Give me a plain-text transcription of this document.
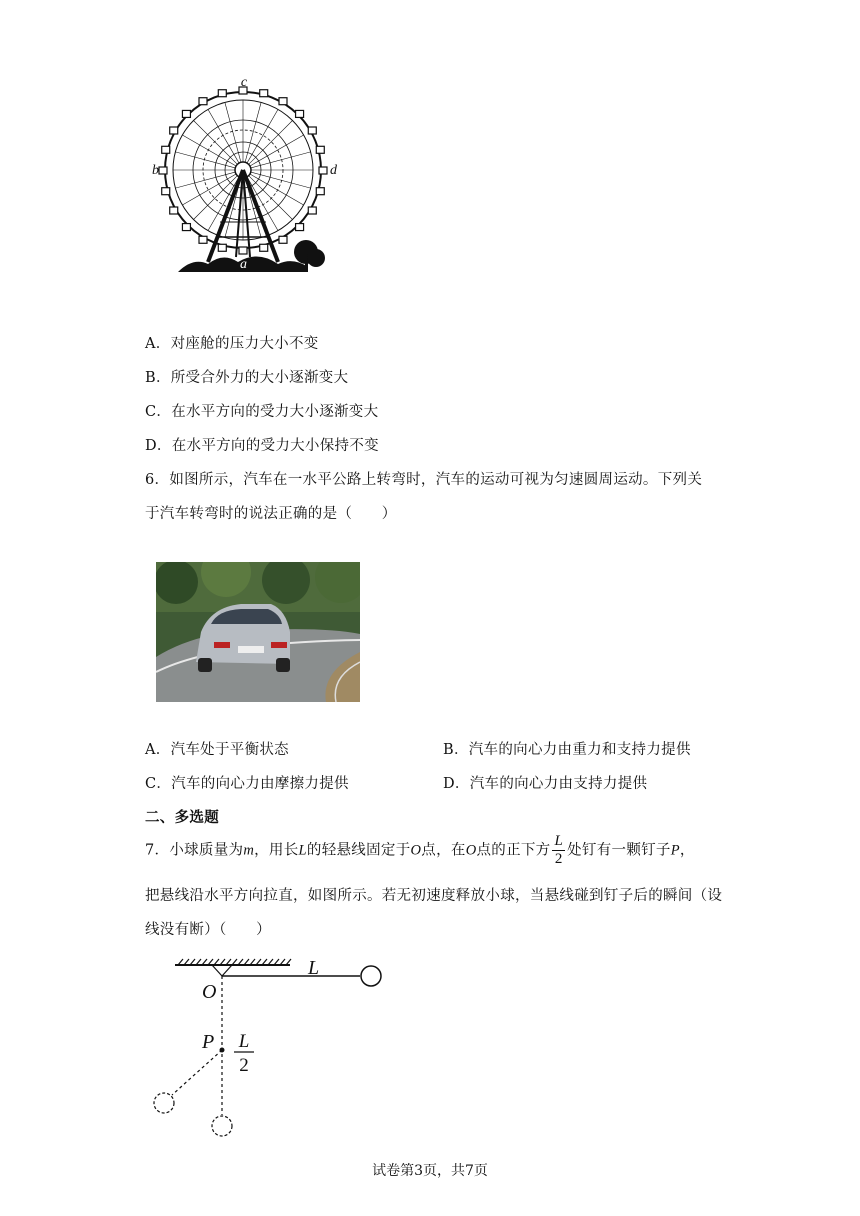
c
b	d
a
A．对座舱的压力大小不变
B．所受合外力的大小逐渐变大
C．在水平方向的受力大小逐渐变大
D．在水平方向的受力大小保持不变
6．如图所示，汽车在一水平公路上转弯时，汽车的运动可视为匀速圆周运动。下列关
于汽车转弯时的说法正确的是（　　）
A．汽车处于平衡状态	B．汽车的向心力由重力和支持力提供
C．汽车的向心力由摩擦力提供	D．汽车的向心力由支持力提供
二、多选题
7．小球质量为m，用长L的轻悬线固定于O点，在O点的正下方 $\frac{L}{2}$ 处钉有一颗钉子P，
把悬线沿水平方向拉直，如图所示。若无初速度释放小球，当悬线碰到钉子后的瞬间（设
线没有断）（　　）
L
O
P L
2
试卷第3页，共7页
